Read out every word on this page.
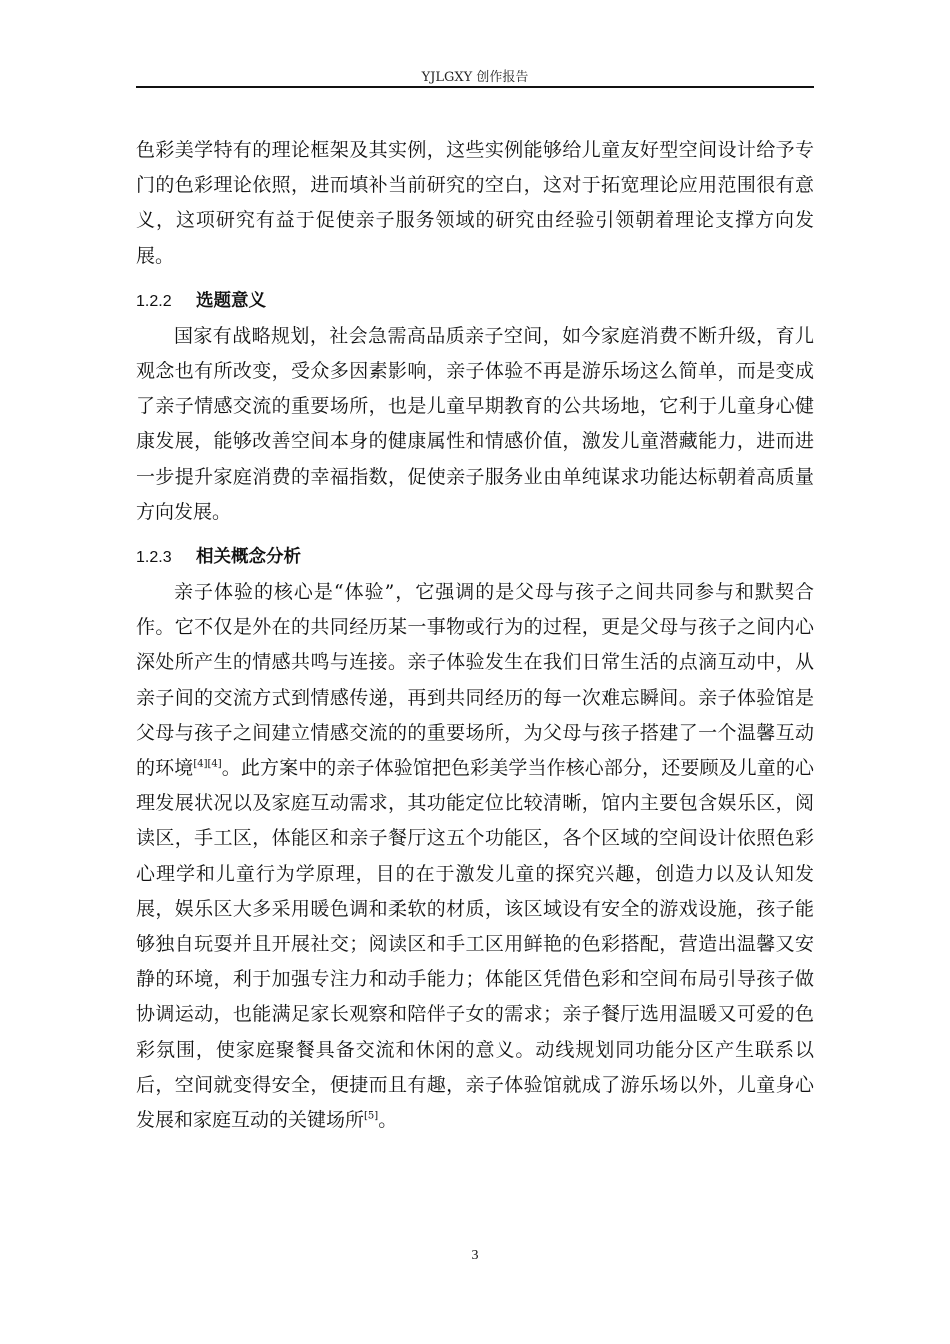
YJLGXY 创作报告

色彩美学特有的理论框架及其实例，这些实例能够给儿童友好型空间设计给予专门的色彩理论依照，进而填补当前研究的空白，这对于拓宽理论应用范围很有意义，这项研究有益于促使亲子服务领域的研究由经验引领朝着理论支撑方向发展。

1.2.2 选题意义

国家有战略规划，社会急需高品质亲子空间，如今家庭消费不断升级，育儿观念也有所改变，受众多因素影响，亲子体验不再是游乐场这么简单，而是变成了亲子情感交流的重要场所，也是儿童早期教育的公共场地，它利于儿童身心健康发展，能够改善空间本身的健康属性和情感价值，激发儿童潜藏能力，进而进一步提升家庭消费的幸福指数，促使亲子服务业由单纯谋求功能达标朝着高质量方向发展。

1.2.3 相关概念分析

亲子体验的核心是“体验”，它强调的是父母与孩子之间共同参与和默契合作。它不仅是外在的共同经历某一事物或行为的过程，更是父母与孩子之间内心深处所产生的情感共鸣与连接。亲子体验发生在我们日常生活的点滴互动中，从亲子间的交流方式到情感传递，再到共同经历的每一次难忘瞬间。亲子体验馆是父母与孩子之间建立情感交流的的重要场所，为父母与孩子搭建了一个温馨互动的环境[4][4]。此方案中的亲子体验馆把色彩美学当作核心部分，还要顾及儿童的心理发展状况以及家庭互动需求，其功能定位比较清晰，馆内主要包含娱乐区，阅读区，手工区，体能区和亲子餐厅这五个功能区，各个区域的空间设计依照色彩心理学和儿童行为学原理，目的在于激发儿童的探究兴趣，创造力以及认知发展，娱乐区大多采用暖色调和柔软的材质，该区域设有安全的游戏设施，孩子能够独自玩耍并且开展社交；阅读区和手工区用鲜艳的色彩搭配，营造出温馨又安静的环境，利于加强专注力和动手能力；体能区凭借色彩和空间布局引导孩子做协调运动，也能满足家长观察和陪伴子女的需求；亲子餐厅选用温暖又可爱的色彩氛围，使家庭聚餐具备交流和休闲的意义。动线规划同功能分区产生联系以后，空间就变得安全，便捷而且有趣，亲子体验馆就成了游乐场以外，儿童身心发展和家庭互动的关键场所[5]。

3
